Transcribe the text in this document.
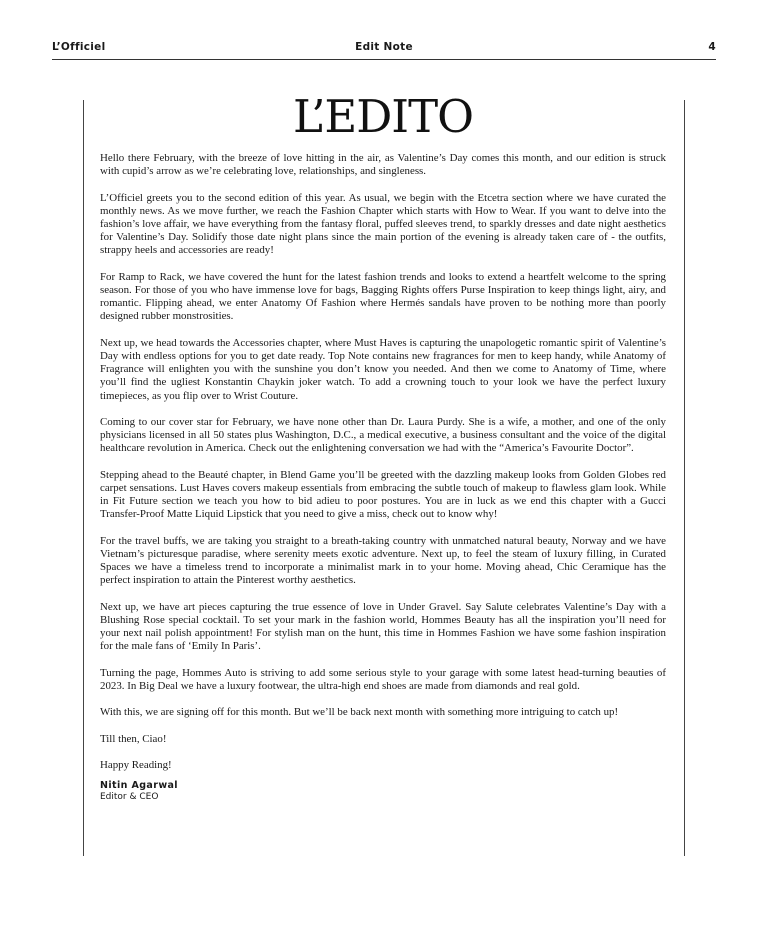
L’Officiel	Edit Note	4
L’EDITO

Hello there February, with the breeze of love hitting in the air, as Valentine’s Day comes this month, and our edition is struck with cupid’s arrow as we’re celebrating love, relationships, and singleness.

L’Officiel greets you to the second edition of this year. As usual, we begin with the Etcetra section where we have curated the monthly news. As we move further, we reach the Fashion Chapter which starts with How to Wear. If you want to delve into the fashion’s love affair, we have everything from the fantasy floral, puffed sleeves trend, to sparkly dresses and date night aesthetics for Valentine’s Day. Solidify those date night plans since the main portion of the evening is already taken care of - the outfits, strappy heels and accessories are ready!

For Ramp to Rack, we have covered the hunt for the latest fashion trends and looks to extend a heartfelt welcome to the spring season. For those of you who have immense love for bags, Bagging Rights offers Purse Inspiration to keep things light, airy, and romantic. Flipping ahead, we enter Anatomy Of Fashion where Hermés sandals have proven to be nothing more than poorly designed rubber monstrosities.

Next up, we head towards the Accessories chapter, where Must Haves is capturing the unapologetic romantic spirit of Valentine’s Day with endless options for you to get date ready. Top Note contains new fragrances for men to keep handy, while Anatomy of Fragrance will enlighten you with the sunshine you don’t know you needed. And then we come to Anatomy of Time, where you’ll find the ugliest Konstantin Chaykin joker watch. To add a crowning touch to your look we have the perfect luxury timepieces, as you flip over to Wrist Couture.

Coming to our cover star for February, we have none other than Dr. Laura Purdy. She is a wife, a mother, and one of the only physicians licensed in all 50 states plus Washington, D.C., a medical executive, a business consultant and the voice of the digital healthcare revolution in America. Check out the enlightening conversation we had with the “America’s Favourite Doctor”.

Stepping ahead to the Beauté chapter, in Blend Game you’ll be greeted with the dazzling makeup looks from Golden Globes red carpet sensations. Lust Haves covers makeup essentials from embracing the subtle touch of makeup to flawless glam look. While in Fit Future section we teach you how to bid adieu to poor postures. You are in luck as we end this chapter with a Gucci Transfer-Proof Matte Liquid Lipstick that you need to give a miss, check out to know why!

For the travel buffs, we are taking you straight to a breath-taking country with unmatched natural beauty, Norway and we have Vietnam’s picturesque paradise, where serenity meets exotic adventure. Next up, to feel the steam of luxury filling, in Curated Spaces we have a timeless trend to incorporate a minimalist mark in to your home. Moving ahead, Chic Ceramique has the perfect inspiration to attain the Pinterest worthy aesthetics.

Next up, we have art pieces capturing the true essence of love in Under Gravel. Say Salute celebrates Valentine’s Day with a Blushing Rose special cocktail. To set your mark in the fashion world, Hommes Beauty has all the inspiration you’ll need for your next nail polish appointment! For stylish man on the hunt, this time in Hommes Fashion we have some fashion inspiration for the male fans of ‘Emily In Paris’.

Turning the page, Hommes Auto is striving to add some serious style to your garage with some latest head-turning beauties of 2023. In Big Deal we have a luxury footwear, the ultra-high end shoes are made from diamonds and real gold.

With this, we are signing off for this month. But we’ll be back next month with something more intriguing to catch up!

Till then, Ciao!

Happy Reading!

Nitin Agarwal
Editor & CEO
